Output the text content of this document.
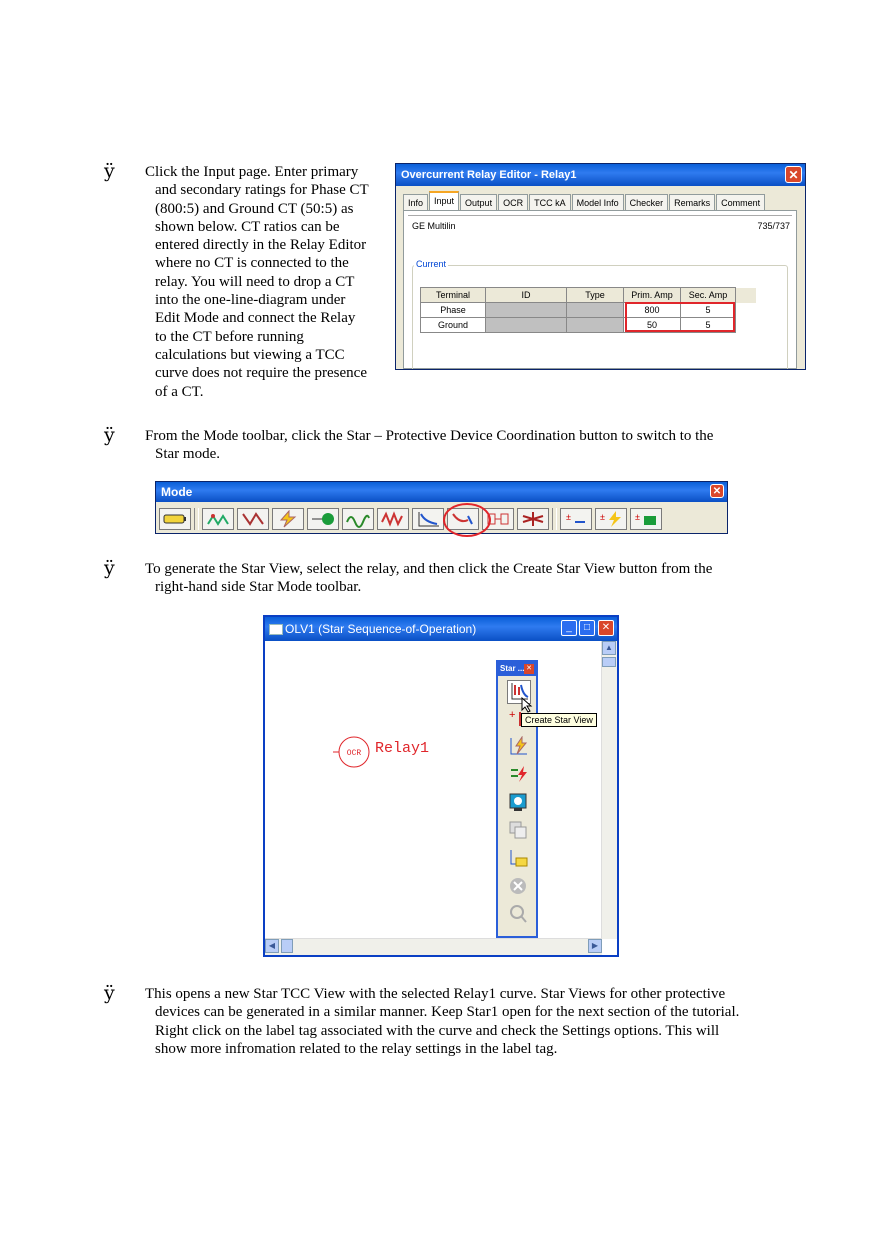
ÿ Click the Input page. Enter primary
and secondary ratings for Phase CT
(800:5) and Ground CT (50:5) as
shown below. CT ratios can be
entered directly in the Relay Editor
where no CT is connected to the
relay. You will need to drop a CT
into the one-line-diagram under
Edit Mode and connect the Relay
to the CT before running
calculations but viewing a TCC
curve does not require the presence
of a CT.
Overcurrent Relay Editor - Relay1	✕
Info	Input	Output	OCR	TCC kA	Model Info	Checker	Remarks	Comment
GE Multilin	735/737
Current
Terminal	ID	Type	Prim. Amp	Sec. Amp	
Phase			800	5	
Ground			50	5	
ÿ From the Mode toolbar, click the Star – Protective Device Coordination button to switch to the
Star mode.
Mode	✕
±	±	±
ÿ To generate the Star View, select the relay, and then click the Create Star View button from the
right-hand side Star Mode toolbar.
OLV1 (Star Sequence-of-Operation)	_	□	✕
OCR Relay1
Star ... ✕
+	Create Star View
▲
◀	▶
ÿ This opens a new Star TCC View with the selected Relay1 curve. Star Views for other protective
devices can be generated in a similar manner. Keep Star1 open for the next section of the tutorial.
Right click on the label tag associated with the curve and check the Settings options. This will
show more infromation related to the relay settings in the label tag.
